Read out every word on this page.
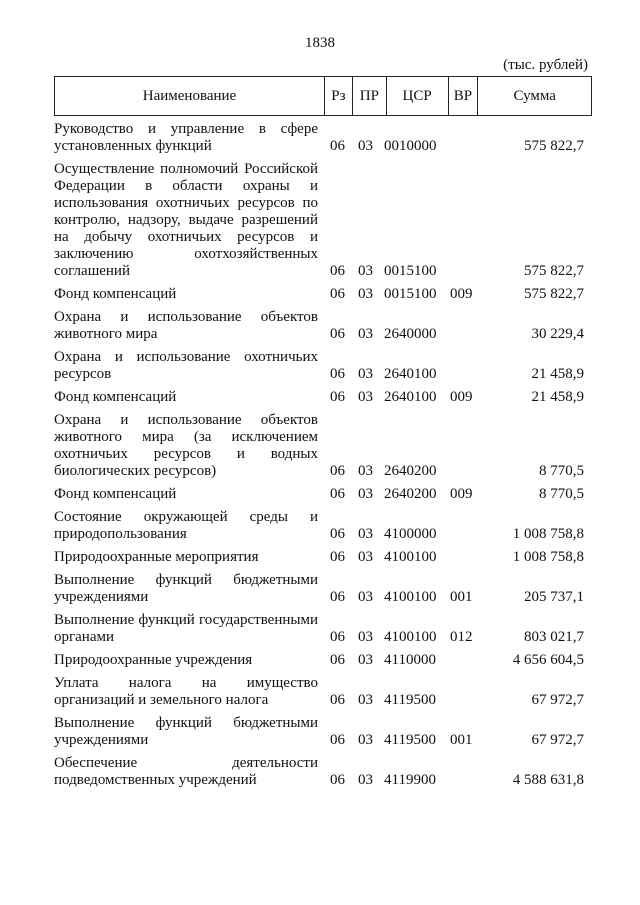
1838
(тыс. рублей)
Наименование	Рз ПР	ЦСР	ВР	Сумма
Руководство и управление в сфере установленных функций	06 03 0010000	575 822,7
Осуществление полномочий Российской Федерации в области охраны и использования охотничьих ресурсов по контролю, надзору, выдаче разрешений на добычу охотничьих ресурсов и заключению охотхозяйственных соглашений	06 03 0015100	575 822,7
Фонд компенсаций	06 03 0015100 009	575 822,7
Охрана и использование объектов животного мира	06 03 2640000	30 229,4
Охрана и использование охотничьих ресурсов	06 03 2640100	21 458,9
Фонд компенсаций	06 03 2640100 009	21 458,9
Охрана и использование объектов животного мира (за исключением охотничьих ресурсов и водных биологических ресурсов)	06 03 2640200	8 770,5
Фонд компенсаций	06 03 2640200 009	8 770,5
Состояние окружающей среды и природопользования	06 03 4100000	1 008 758,8
Природоохранные мероприятия	06 03 4100100	1 008 758,8
Выполнение функций бюджетными учреждениями	06 03 4100100 001	205 737,1
Выполнение функций государственными органами	06 03 4100100 012	803 021,7
Природоохранные учреждения	06 03 4110000	4 656 604,5
Уплата налога на имущество организаций и земельного налога	06 03 4119500	67 972,7
Выполнение функций бюджетными учреждениями	06 03 4119500 001	67 972,7
Обеспечение деятельности подведомственных учреждений	06 03 4119900	4 588 631,8
